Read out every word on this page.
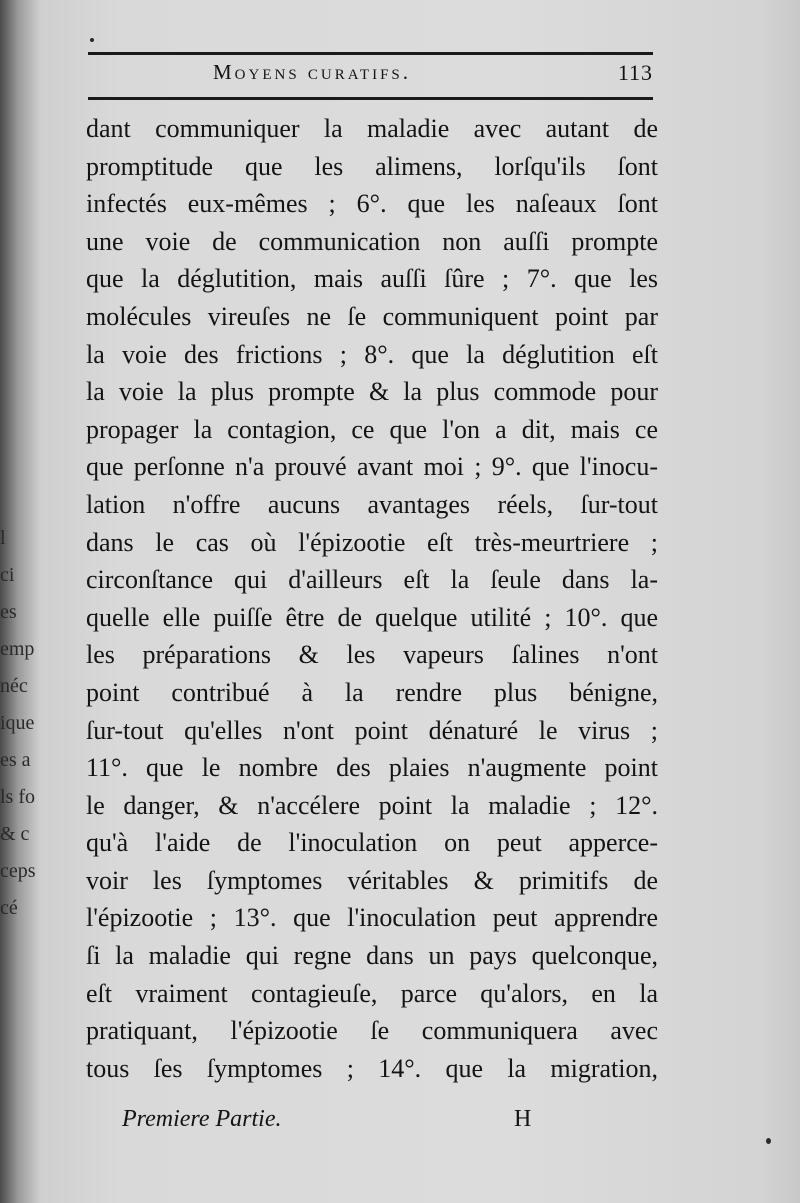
l
ci
es
emp
néc
ique
es a
ls fo
& c
ceps
cé
Moyens curatifs.	113
dant communiquer la maladie avec autant de
promptitude que les alimens, lorſqu'ils ſont
infectés eux-mêmes ; 6°. que les naſeaux ſont
une voie de communication non auſſi prompte
que la déglutition, mais auſſi ſûre ; 7°. que les
molécules vireuſes ne ſe communiquent point par
la voie des frictions ; 8°. que la déglutition eſt
la voie la plus prompte & la plus commode pour
propager la contagion, ce que l'on a dit, mais ce
que perſonne n'a prouvé avant moi ; 9°. que l'inocu-
lation n'offre aucuns avantages réels, ſur-tout
dans le cas où l'épizootie eſt très-meurtriere ;
circonſtance qui d'ailleurs eſt la ſeule dans la-
quelle elle puiſſe être de quelque utilité ; 10°. que
les préparations & les vapeurs ſalines n'ont
point contribué à la rendre plus bénigne,
ſur-tout qu'elles n'ont point dénaturé le virus ;
11°. que le nombre des plaies n'augmente point
le danger, & n'accélere point la maladie ; 12°.
qu'à l'aide de l'inoculation on peut apperce-
voir les ſymptomes véritables & primitifs de
l'épizootie ; 13°. que l'inoculation peut apprendre
ſi la maladie qui regne dans un pays quelconque,
eſt vraiment contagieuſe, parce qu'alors, en la
pratiquant, l'épizootie ſe communiquera avec
tous ſes ſymptomes ; 14°. que la migration,
Premiere Partie.	H
